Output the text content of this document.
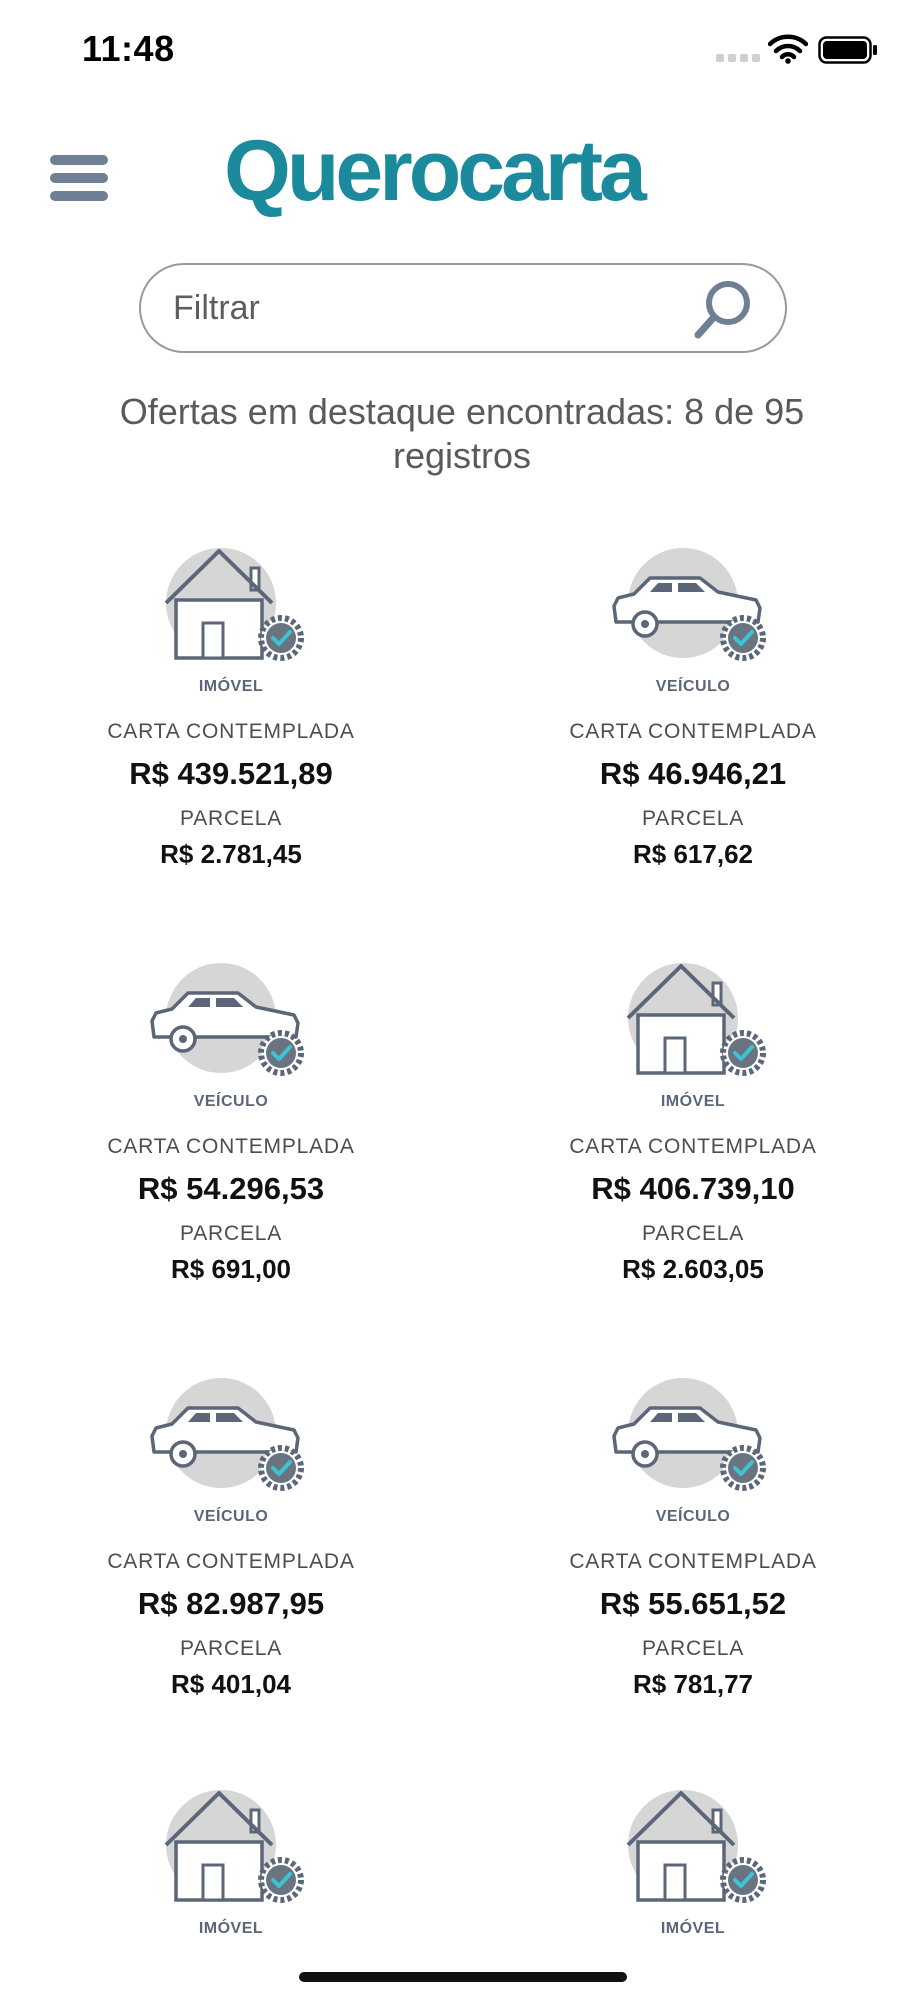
11:48
Querocarta
Filtrar
Ofertas em destaque encontradas: 8 de 95 registros
IMÓVEL
CARTA CONTEMPLADA
R$ 439.521,89
PARCELA
R$ 2.781,45
VEÍCULO
CARTA CONTEMPLADA
R$ 46.946,21
PARCELA
R$ 617,62
VEÍCULO
CARTA CONTEMPLADA
R$ 54.296,53
PARCELA
R$ 691,00
IMÓVEL
CARTA CONTEMPLADA
R$ 406.739,10
PARCELA
R$ 2.603,05
VEÍCULO
CARTA CONTEMPLADA
R$ 82.987,95
PARCELA
R$ 401,04
VEÍCULO
CARTA CONTEMPLADA
R$ 55.651,52
PARCELA
R$ 781,77
IMÓVEL	IMÓVEL
